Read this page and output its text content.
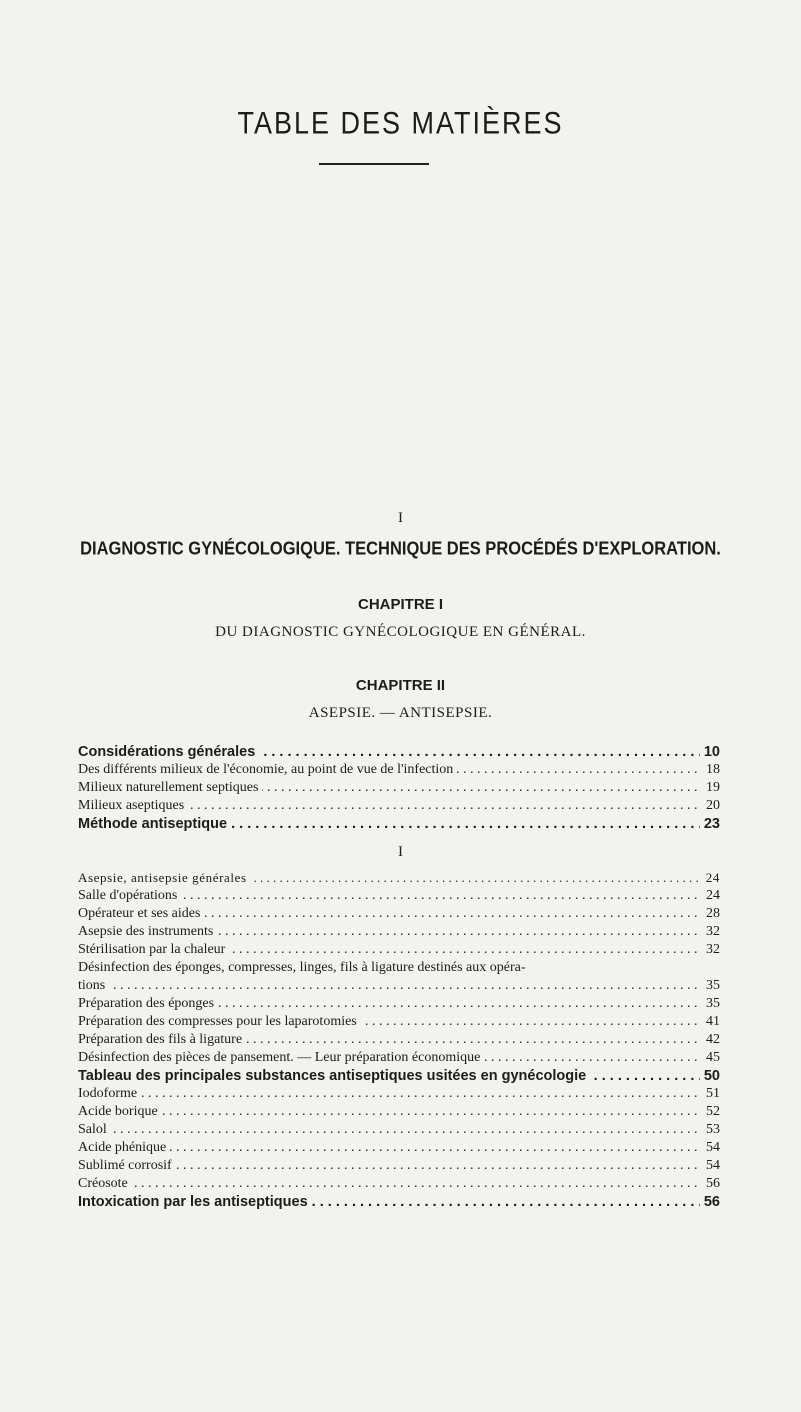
TABLE DES MATIÈRES
I
DIAGNOSTIC GYNÉCOLOGIQUE. TECHNIQUE DES PROCÉDÉS D'EXPLORATION.
CHAPITRE I
DU DIAGNOSTIC GYNÉCOLOGIQUE EN GÉNÉRAL.
CHAPITRE II
ASEPSIE. — ANTISEPSIE.
. . . Considérations générales	10
. . . Des différents milieux de l'économie, au point de vue de l'infection	18
. . . Milieux naturellement septiques	19
. . . Milieux aseptiques	20
. . . Méthode antiseptique	23
I
. . . Asepsie, antisepsie générales	24
. . . Salle d'opérations	24
. . . Opérateur et ses aides	28
. . . Asepsie des instruments	32
. . . Stérilisation par la chaleur	32
Désinfection des éponges, compresses, linges, fils à ligature destinés aux opéra-
. . . tions	35
. . . Préparation des éponges	35
. . . Préparation des compresses pour les laparotomies	41
. . . Préparation des fils à ligature	42
. . . Désinfection des pièces de pansement. — Leur préparation économique	45
. . . Tableau des principales substances antiseptiques usitées en gynécologie	50
. . . Iodoforme	51
. . . Acide borique	52
. . . Salol	53
. . . Acide phénique	54
. . . Sublimé corrosif	54
. . . Créosote	56
. . . Intoxication par les antiseptiques	56
